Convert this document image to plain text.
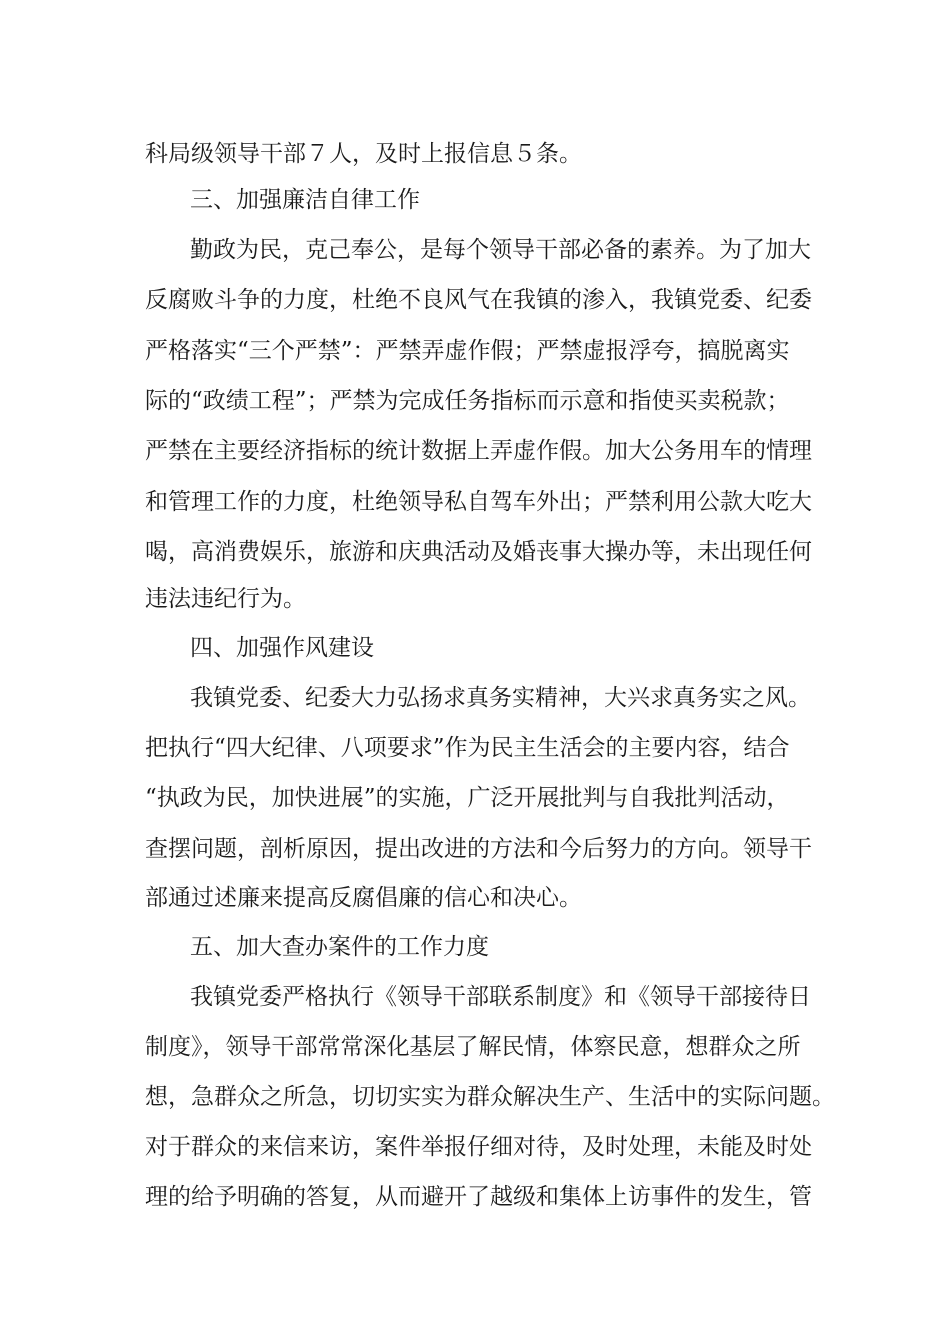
科局级领导干部７人，及时上报信息５条。
三、加强廉洁自律工作
勤政为民，克己奉公，是每个领导干部必备的素养。为了加大
反腐败斗争的力度，杜绝不良风气在我镇的渗入，我镇党委、纪委
严格落实“三个严禁”：严禁弄虚作假；严禁虚报浮夸，搞脱离实
际的“政绩工程”；严禁为完成任务指标而示意和指使买卖税款；
严禁在主要经济指标的统计数据上弄虚作假。加大公务用车的情理
和管理工作的力度，杜绝领导私自驾车外出；严禁利用公款大吃大
喝，高消费娱乐，旅游和庆典活动及婚丧事大操办等，未出现任何
违法违纪行为。
四、加强作风建设
我镇党委、纪委大力弘扬求真务实精神，大兴求真务实之风。
把执行“四大纪律、八项要求”作为民主生活会的主要内容，结合
“执政为民，加快进展”的实施，广泛开展批判与自我批判活动，
查摆问题，剖析原因，提出改进的方法和今后努力的方向。领导干
部通过述廉来提高反腐倡廉的信心和决心。
五、加大查办案件的工作力度
我镇党委严格执行《领导干部联系制度》和《领导干部接待日
制度》，领导干部常常深化基层了解民情，体察民意，想群众之所
想，急群众之所急，切切实实为群众解决生产、生活中的实际问题。
对于群众的来信来访，案件举报仔细对待，及时处理，未能及时处
理的给予明确的答复，从而避开了越级和集体上访事件的发生，管
